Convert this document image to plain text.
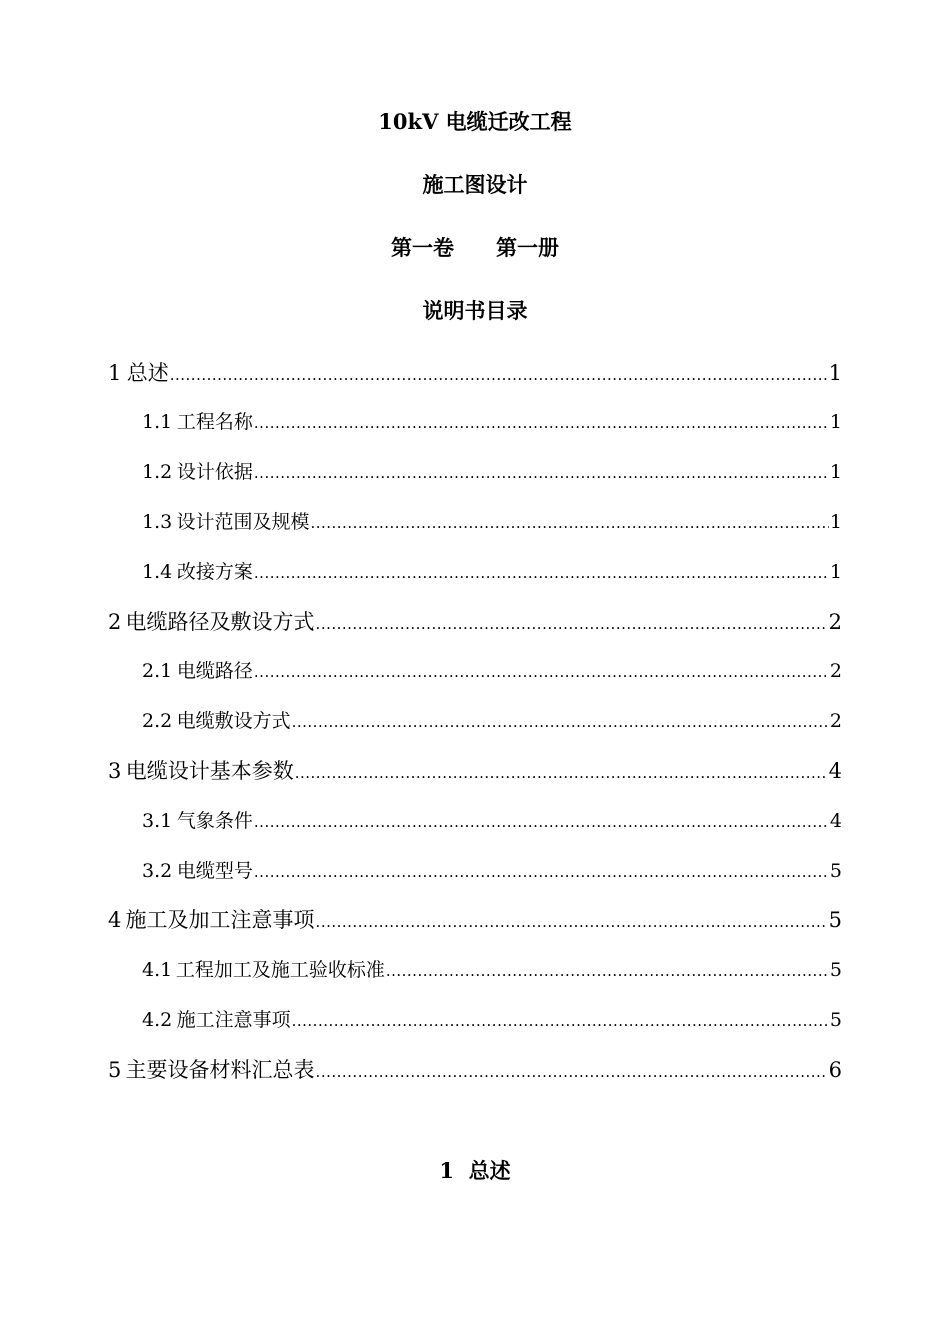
10kV 电缆迁改工程
施工图设计
第一卷　　第一册
说明书目录
1 总述 .....	1
1.1 工程名称 .....	1
1.2 设计依据 .....	1
1.3 设计范围及规模 .....	1
1.4 改接方案 .....	1
2 电缆路径及敷设方式 .....	2
2.1 电缆路径 .....	2
2.2 电缆敷设方式 .....	2
3 电缆设计基本参数 .....	4
3.1 气象条件 .....	4
3.2 电缆型号 .....	5
4 施工及加工注意事项 .....	5
4.1 工程加工及施工验收标准 .....	5
4.2 施工注意事项 .....	5
5 主要设备材料汇总表 .....	6
1  总述
